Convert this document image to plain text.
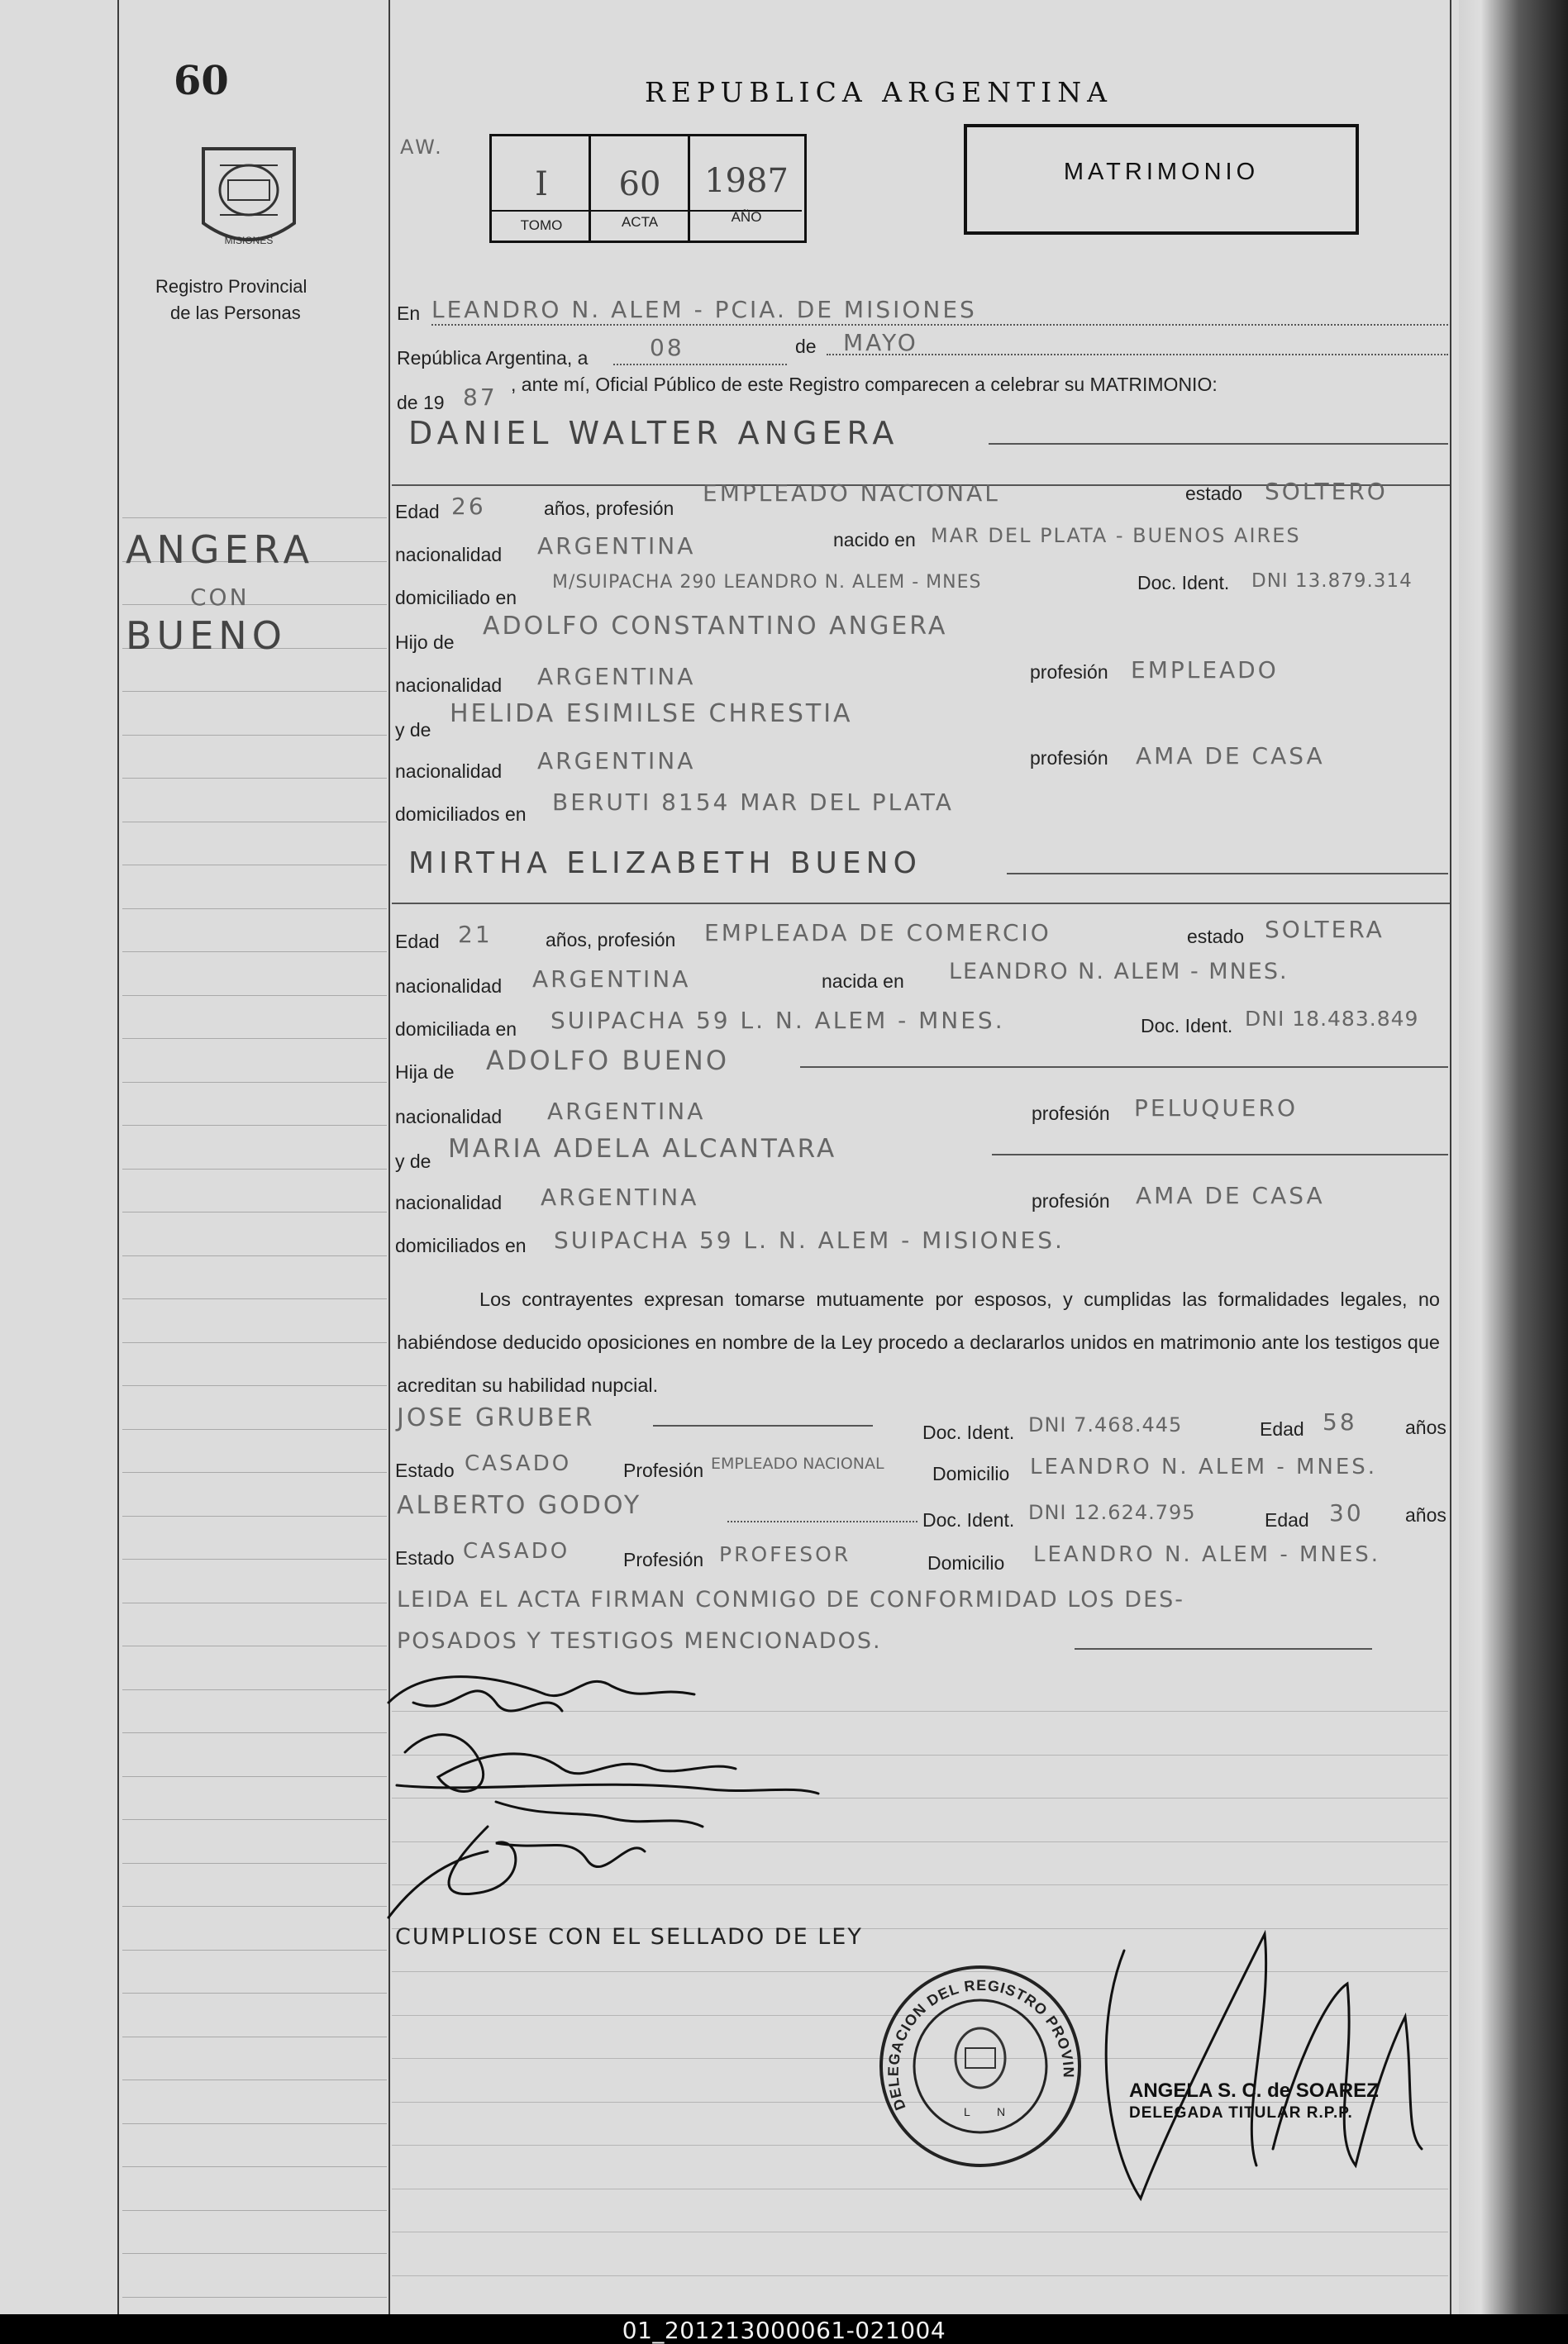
60
MISIONES
Registro Provincial
de las Personas
REPUBLICA ARGENTINA
AW.
I	60	1987
TOMO	ACTA	AÑO
MATRIMONIO
ANGERA
CON
BUENO
En LEANDRO N. ALEM - PCIA. DE MISIONES
República Argentina, a	08	de MAYO
de 19 87 , ante mí, Oficial Público de este Registro comparecen a celebrar su MATRIMONIO:
DANIEL WALTER ANGERA
Edad 26	años, profesión
EMPLEADO NACIONAL	estado SOLTERO
nacionalidad ARGENTINA	nacido en MAR DEL PLATA - BUENOS AIRES
domiciliado en
M/SUIPACHA 290 LEANDRO N. ALEM - MNES	Doc. Ident. DNI 13.879.314
Hijo de
ADOLFO CONSTANTINO ANGERA
nacionalidad ARGENTINA	profesión EMPLEADO
y de
HELIDA ESIMILSE CHRESTIA
nacionalidad ARGENTINA	profesión AMA DE CASA
domiciliados en BERUTI 8154 MAR DEL PLATA
MIRTHA ELIZABETH BUENO
Edad 21	años, profesión EMPLEADA DE COMERCIO	estado SOLTERA
nacionalidad ARGENTINA	nacida en LEANDRO N. ALEM - MNES.
domiciliada en SUIPACHA 59 L. N. ALEM - MNES.	Doc. Ident. DNI 18.483.849
Hija de ADOLFO BUENO
nacionalidad ARGENTINA	profesión PELUQUERO
y de MARIA ADELA ALCANTARA
nacionalidad ARGENTINA	profesión AMA DE CASA
domiciliados en SUIPACHA 59 L. N. ALEM - MISIONES.
Los contrayentes expresan tomarse mutuamente por esposos, y cumplidas las formalidades legales, no habiéndose deducido oposiciones en nombre de la Ley procedo a declararlos unidos en matrimonio ante los testigos que acreditan su habilidad nupcial.
JOSE GRUBER	Doc. Ident. DNI 7.468.445	Edad 58	años
Estado CASADO	Profesión EMPLEADO NACIONAL	Domicilio LEANDRO N. ALEM - MNES.
ALBERTO GODOY	Doc. Ident. DNI 12.624.795	Edad 30 años
Estado CASADO	Profesión PROFESOR	Domicilio LEANDRO N. ALEM - MNES.
LEIDA EL ACTA FIRMAN CONMIGO DE CONFORMIDAD LOS DES-
POSADOS Y TESTIGOS MENCIONADOS.
CUMPLIOSE CON EL SELLADO DE LEY
DELEGACION DEL REGISTRO PROVIN
L N
ANGELA S. C. de SOAREZ
DELEGADA TITULAR R.P.P.
01_201213000061-021004
